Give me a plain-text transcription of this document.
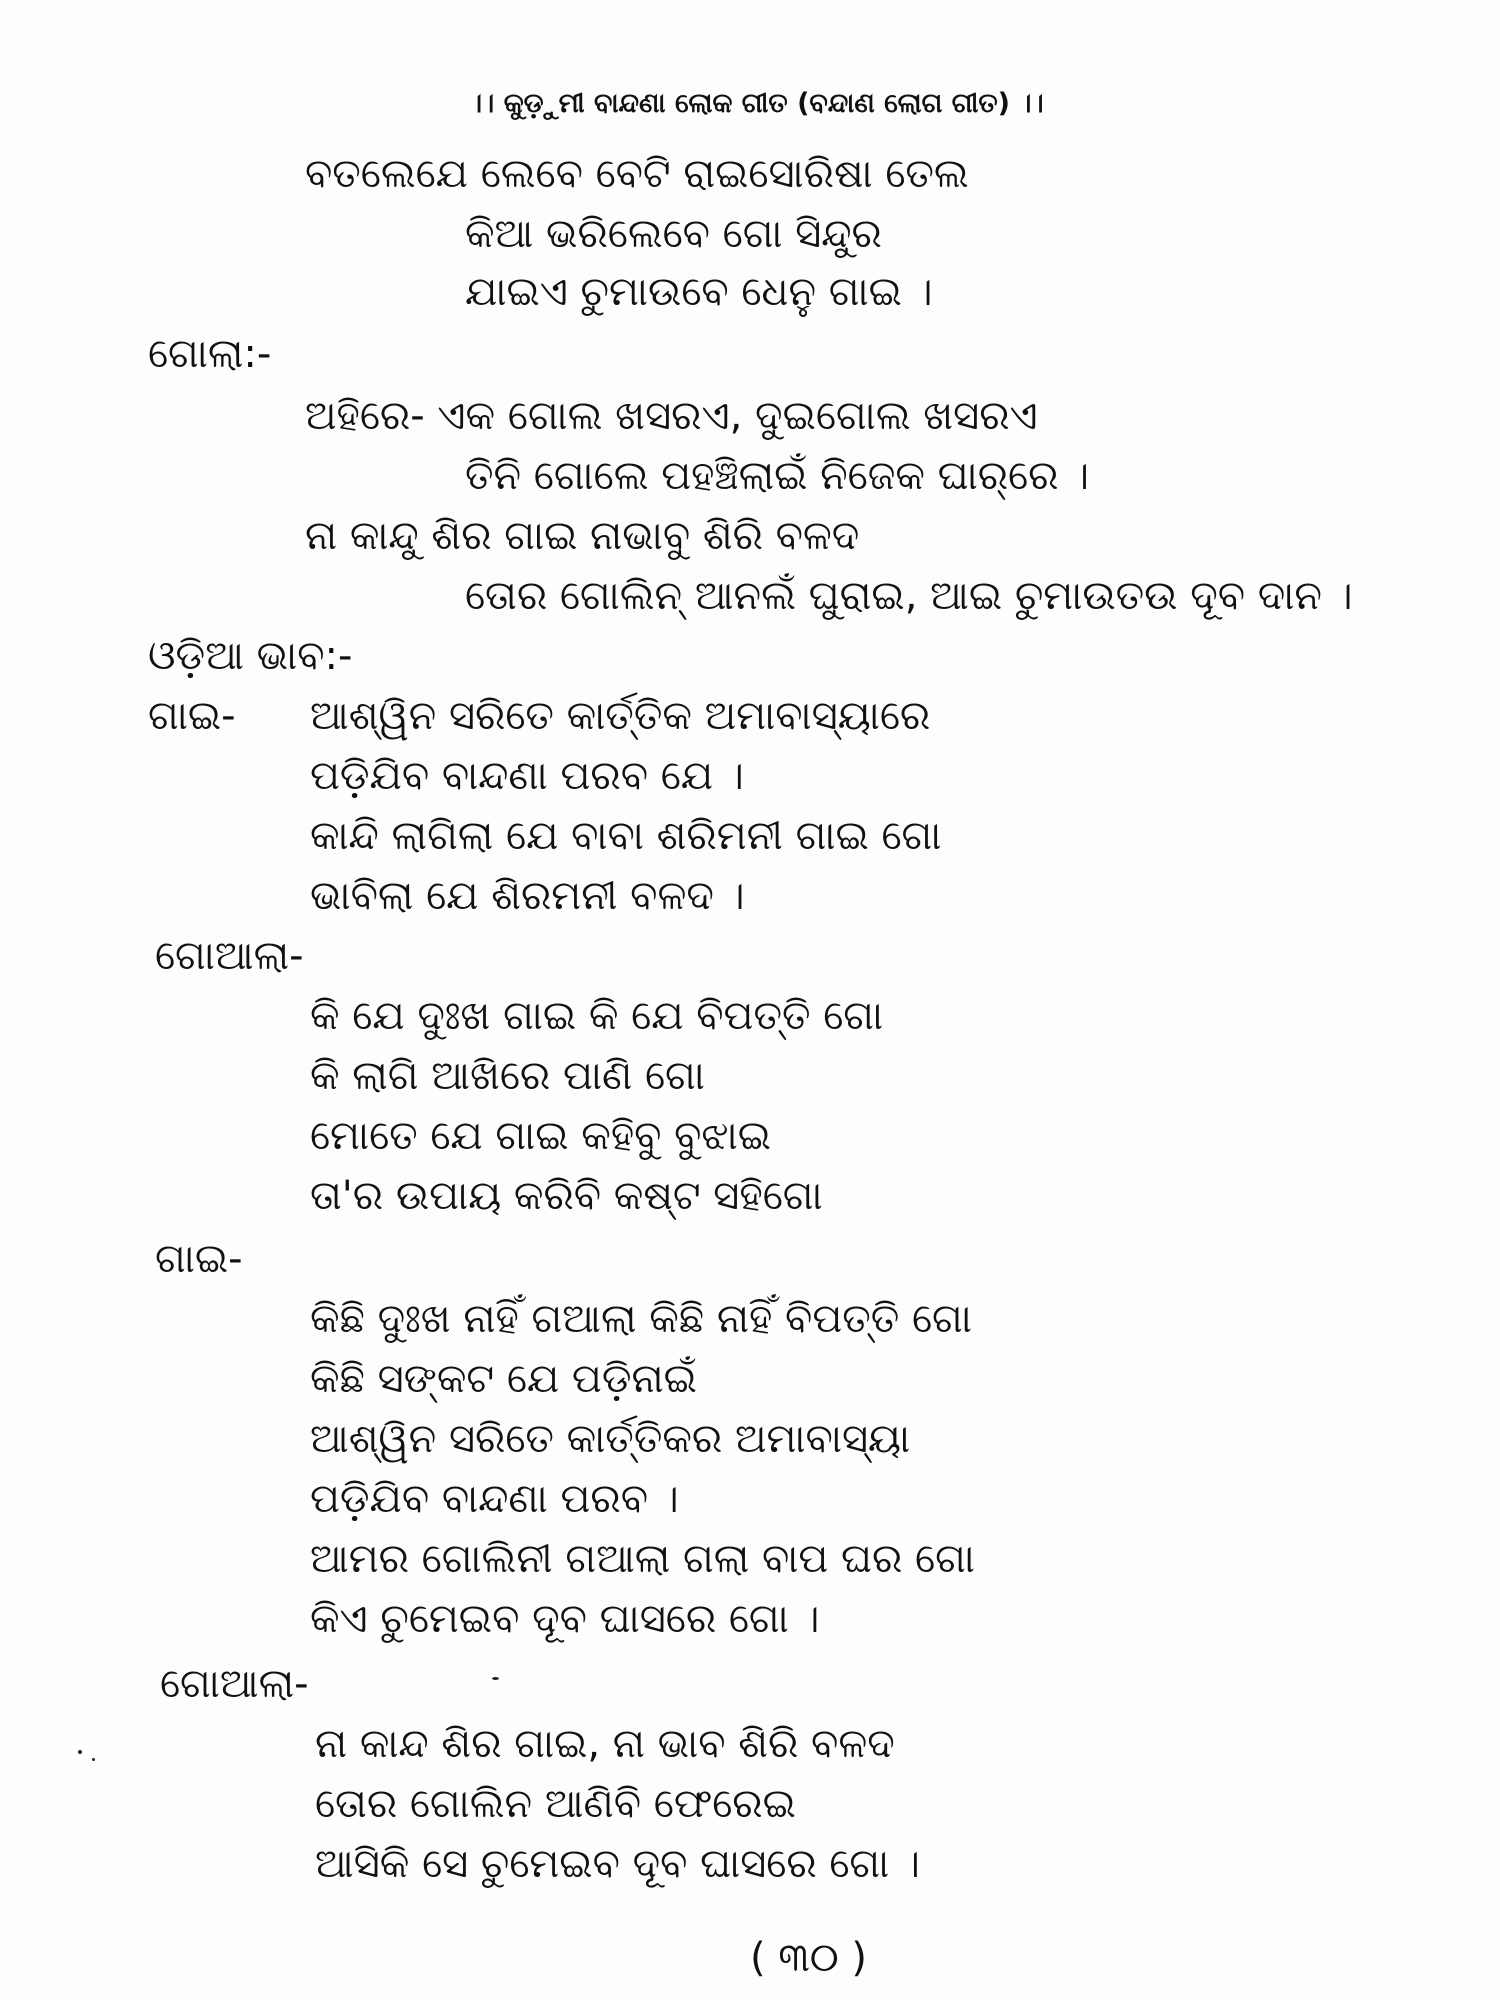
।। କୁଡ଼ୁମୀ ବାନ୍ଦଣା ଲୋକ ଗୀତ (ବନ୍ଦାଣ ଲୋଗ ଗୀତ) ।।
ବତଲେଯେ ଲେବେ ବେଟି ରାଇସୋରିଷା ତେଲ
କିଆ ଭରିଲେବେ ଗୋ ସିନ୍ଦୁର
ଯାଇଏ ଚୁମାଉବେ ଧେନୁ ଗାଇ ।
ଗୋଲା:-
ଅହିରେ- ଏକ ଗୋଲ ଖସରଏ, ଦୁଇଗୋଲ ଖସରଏ
ତିନି ଗୋଲେ ପହଞ୍ଚିଲାଇଁ ନିଜେକ ଘାର୍‌ରେ ।
ନା କାନ୍ଦୁ ଶିର ଗାଇ ନାଭାବୁ ଶିରି ବଳଦ
ତୋର ଗୋଲିନ୍ ଆନଲଁ ଘୁରାଇ, ଆଇ ଚୁମାଉତଉ ଦୂବ ଦାନ ।
ଓଡ଼ିଆ ଭାବ:-
ଗାଇ- ଆଶ୍ୱିନ ସରିତେ କାର୍ତ୍ତିକ ଅମାବାସ୍ୟାରେ
ପଡ଼ିଯିବ ବାନ୍ଦଣା ପରବ ଯେ ।
କାନ୍ଦି ଲାଗିଲା ଯେ ବାବା ଶରିମନୀ ଗାଇ ଗୋ
ଭାବିଲା ଯେ ଶିରମନୀ ବଳଦ ।
ଗୋଆଲା-
କି ଯେ ଦୁଃଖ ଗାଇ କି ଯେ ବିପତ୍ତି ଗୋ
କି ଲାଗି ଆଖିରେ ପାଣି ଗୋ
ମୋତେ ଯେ ଗାଇ କହିବୁ ବୁଝାଇ
ତା'ର ଉପାୟ କରିବି କଷ୍ଟ ସହିଗୋ
ଗାଇ-
କିଛି ଦୁଃଖ ନାହିଁ ଗଆଲା କିଛି ନାହିଁ ବିପତ୍ତି ଗୋ
କିଛି ସଙ୍କଟ ଯେ ପଡ଼ିନାଇଁ
ଆଶ୍ୱିନ ସରିତେ କାର୍ତ୍ତିକର ଅମାବାସ୍ୟା
ପଡ଼ିଯିବ ବାନ୍ଦଣା ପରବ ।
ଆମର ଗୋଲିନୀ ଗଆଲା ଗଲା ବାପ ଘର ଗୋ
କିଏ ଚୁମେଇବ ଦୂବ ଘାସରେ ଗୋ ।
ଗୋଆଲା-
ନା କାନ୍ଦ ଶିର ଗାଇ, ନା ଭାବ ଶିରି ବଳଦ
ତୋର ଗୋଲିନ ଆଣିବି ଫେରେଇ
ଆସିକି ସେ ଚୁମେଇବ ଦୂବ ଘାସରେ ଗୋ ।
( ୩୦ )
